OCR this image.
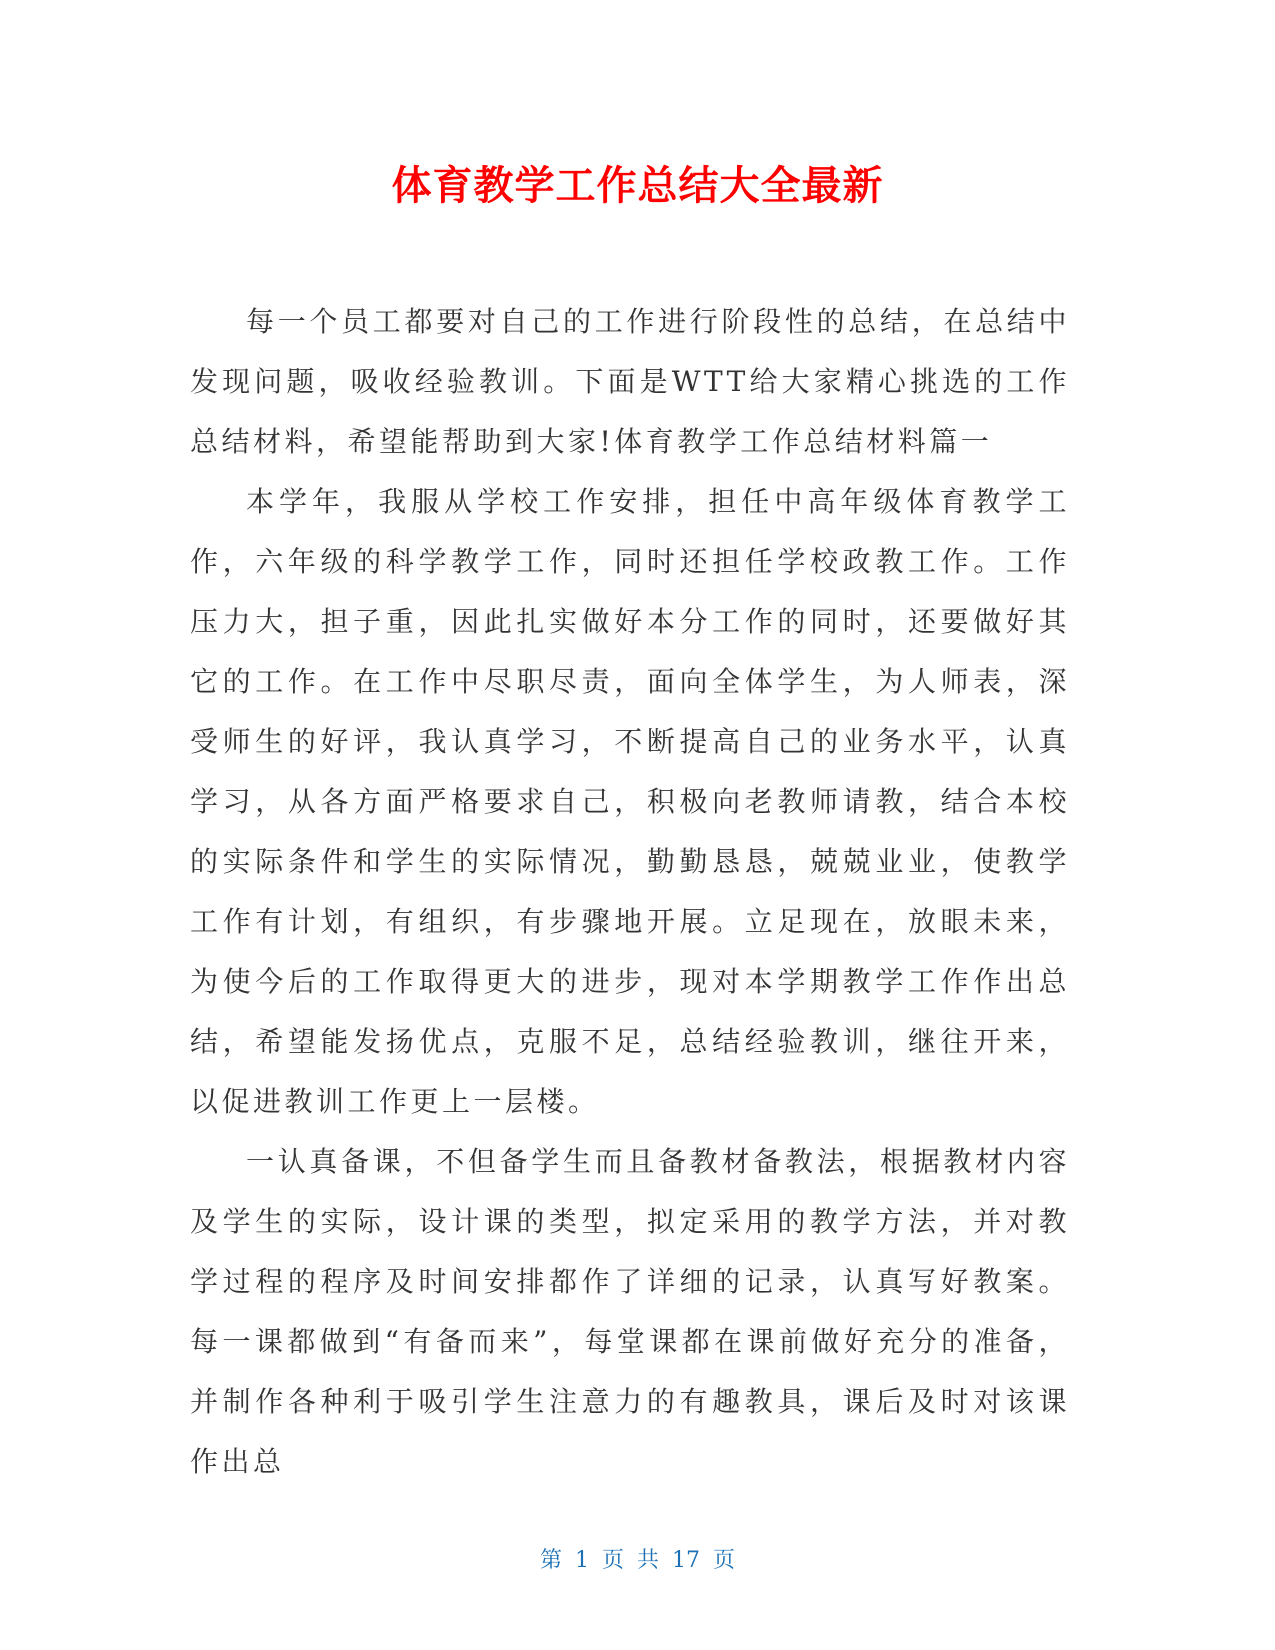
体育教学工作总结大全最新

每一个员工都要对自己的工作进行阶段性的总结，在总结中发现问题，吸收经验教训。下面是WTT给大家精心挑选的工作总结材料，希望能帮助到大家!体育教学工作总结材料篇一

本学年，我服从学校工作安排，担任中高年级体育教学工作，六年级的科学教学工作，同时还担任学校政教工作。工作压力大，担子重，因此扎实做好本分工作的同时，还要做好其它的工作。在工作中尽职尽责，面向全体学生，为人师表，深受师生的好评，我认真学习，不断提高自己的业务水平，认真学习，从各方面严格要求自己，积极向老教师请教，结合本校的实际条件和学生的实际情况，勤勤恳恳，兢兢业业，使教学工作有计划，有组织，有步骤地开展。立足现在，放眼未来，为使今后的工作取得更大的进步，现对本学期教学工作作出总结，希望能发扬优点，克服不足，总结经验教训，继往开来，以促进教训工作更上一层楼。

一认真备课，不但备学生而且备教材备教法，根据教材内容及学生的实际，设计课的类型，拟定采用的教学方法，并对教学过程的程序及时间安排都作了详细的记录，认真写好教案。每一课都做到“有备而来”，每堂课都在课前做好充分的准备，并制作各种利于吸引学生注意力的有趣教具，课后及时对该课作出总

第 1 页 共 17 页
